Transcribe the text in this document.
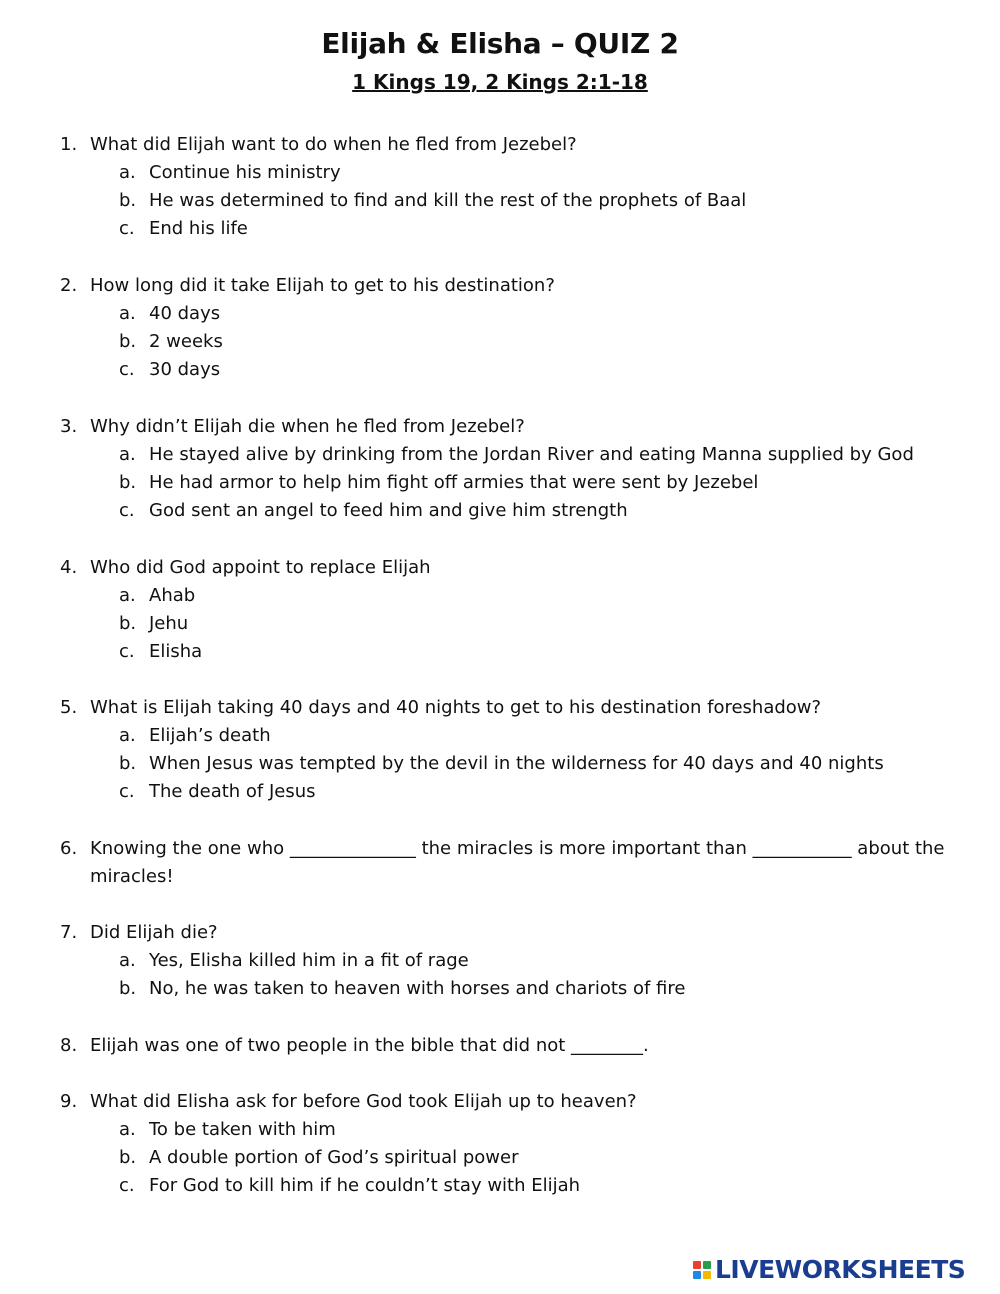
Elijah & Elisha – QUIZ 2
1 Kings 19, 2 Kings 2:1-18
1. What did Elijah want to do when he fled from Jezebel?
a. Continue his ministry
b. He was determined to find and kill the rest of the prophets of Baal
c. End his life
2. How long did it take Elijah to get to his destination?
a. 40 days
b. 2 weeks
c. 30 days
3. Why didn’t Elijah die when he fled from Jezebel?
a. He stayed alive by drinking from the Jordan River and eating Manna supplied by God
b. He had armor to help him fight off armies that were sent by Jezebel
c. God sent an angel to feed him and give him strength
4. Who did God appoint to replace Elijah
a. Ahab
b. Jehu
c. Elisha
5. What is Elijah taking 40 days and 40 nights to get to his destination foreshadow?
a. Elijah’s death
b. When Jesus was tempted by the devil in the wilderness for 40 days and 40 nights
c. The death of Jesus
6. Knowing the one who ______________ the miracles is more important than ___________ about the
miracles!
7. Did Elijah die?
a. Yes, Elisha killed him in a fit of rage
b. No, he was taken to heaven with horses and chariots of fire
8. Elijah was one of two people in the bible that did not ________.
9. What did Elisha ask for before God took Elijah up to heaven?
a. To be taken with him
b. A double portion of God’s spiritual power
c. For God to kill him if he couldn’t stay with Elijah
LIVEWORKSHEETS
